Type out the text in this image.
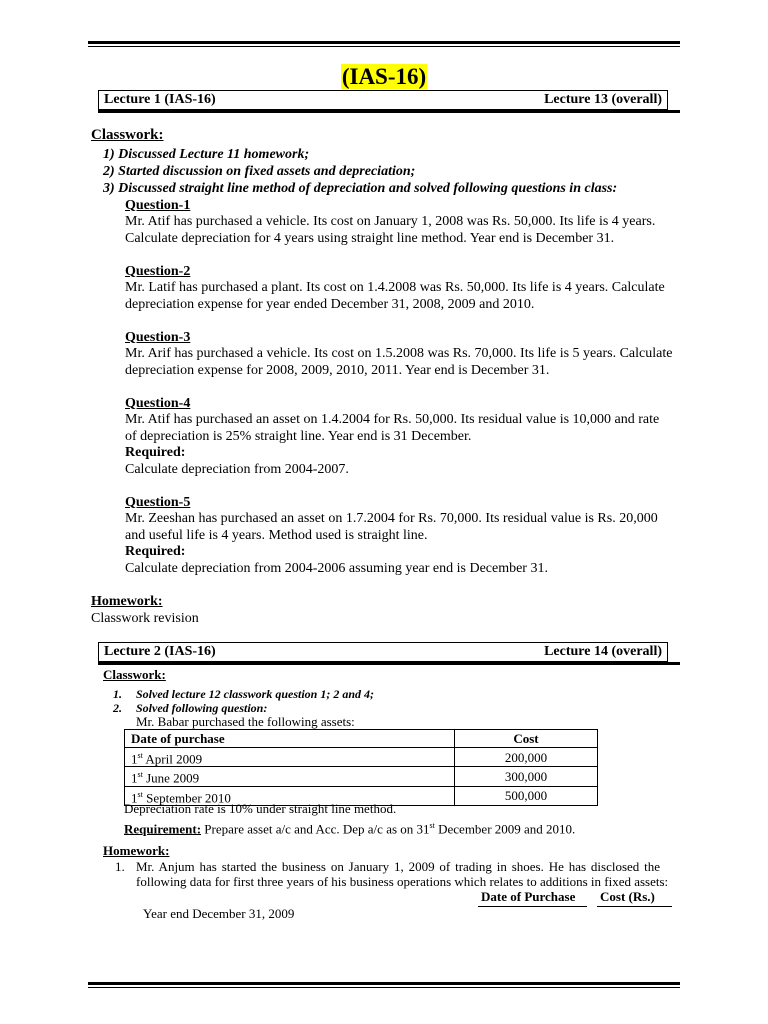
(IAS-16)
Lecture 1 (IAS-16)	Lecture 13 (overall)
Classwork:
1) Discussed Lecture 11 homework;
2) Started discussion on fixed assets and depreciation;
3) Discussed straight line method of depreciation and solved following questions in class:
Question-1
Mr. Atif has purchased a vehicle. Its cost on January 1, 2008 was Rs. 50,000. Its life is 4 years.
Calculate depreciation for 4 years using straight line method. Year end is December 31.
Question-2
Mr. Latif has purchased a plant. Its cost on 1.4.2008 was Rs. 50,000. Its life is 4 years. Calculate
depreciation expense for year ended December 31, 2008, 2009 and 2010.
Question-3
Mr. Arif has purchased a vehicle. Its cost on 1.5.2008 was Rs. 70,000. Its life is 5 years. Calculate
depreciation expense for 2008, 2009, 2010, 2011. Year end is December 31.
Question-4
Mr. Atif has purchased an asset on 1.4.2004 for Rs. 50,000. Its residual value is 10,000 and rate
of depreciation is 25% straight line. Year end is 31 December.
Required:
Calculate depreciation from 2004-2007.
Question-5
Mr. Zeeshan has purchased an asset on 1.7.2004 for Rs. 70,000. Its residual value is Rs. 20,000
and useful life is 4 years. Method used is straight line.
Required:
Calculate depreciation from 2004-2006 assuming year end is December 31.
Homework:
Classwork revision
Lecture 2 (IAS-16)	Lecture 14 (overall)
Classwork:
1. Solved lecture 12 classwork question 1; 2 and 4;
2. Solved following question:
Mr. Babar purchased the following assets:
Date of purchase	Cost
1st April 2009	200,000
1st June 2009	300,000
1st September 2010	500,000
Depreciation rate is 10% under straight line method.
Requirement: Prepare asset a/c and Acc. Dep a/c as on 31st December 2009 and 2010.
Homework:
1. Mr. Anjum has started the business on January 1, 2009 of trading in shoes. He has disclosed the
following data for first three years of his business operations which relates to additions in fixed assets:
Date of Purchase Cost (Rs.)
Year end December 31, 2009
